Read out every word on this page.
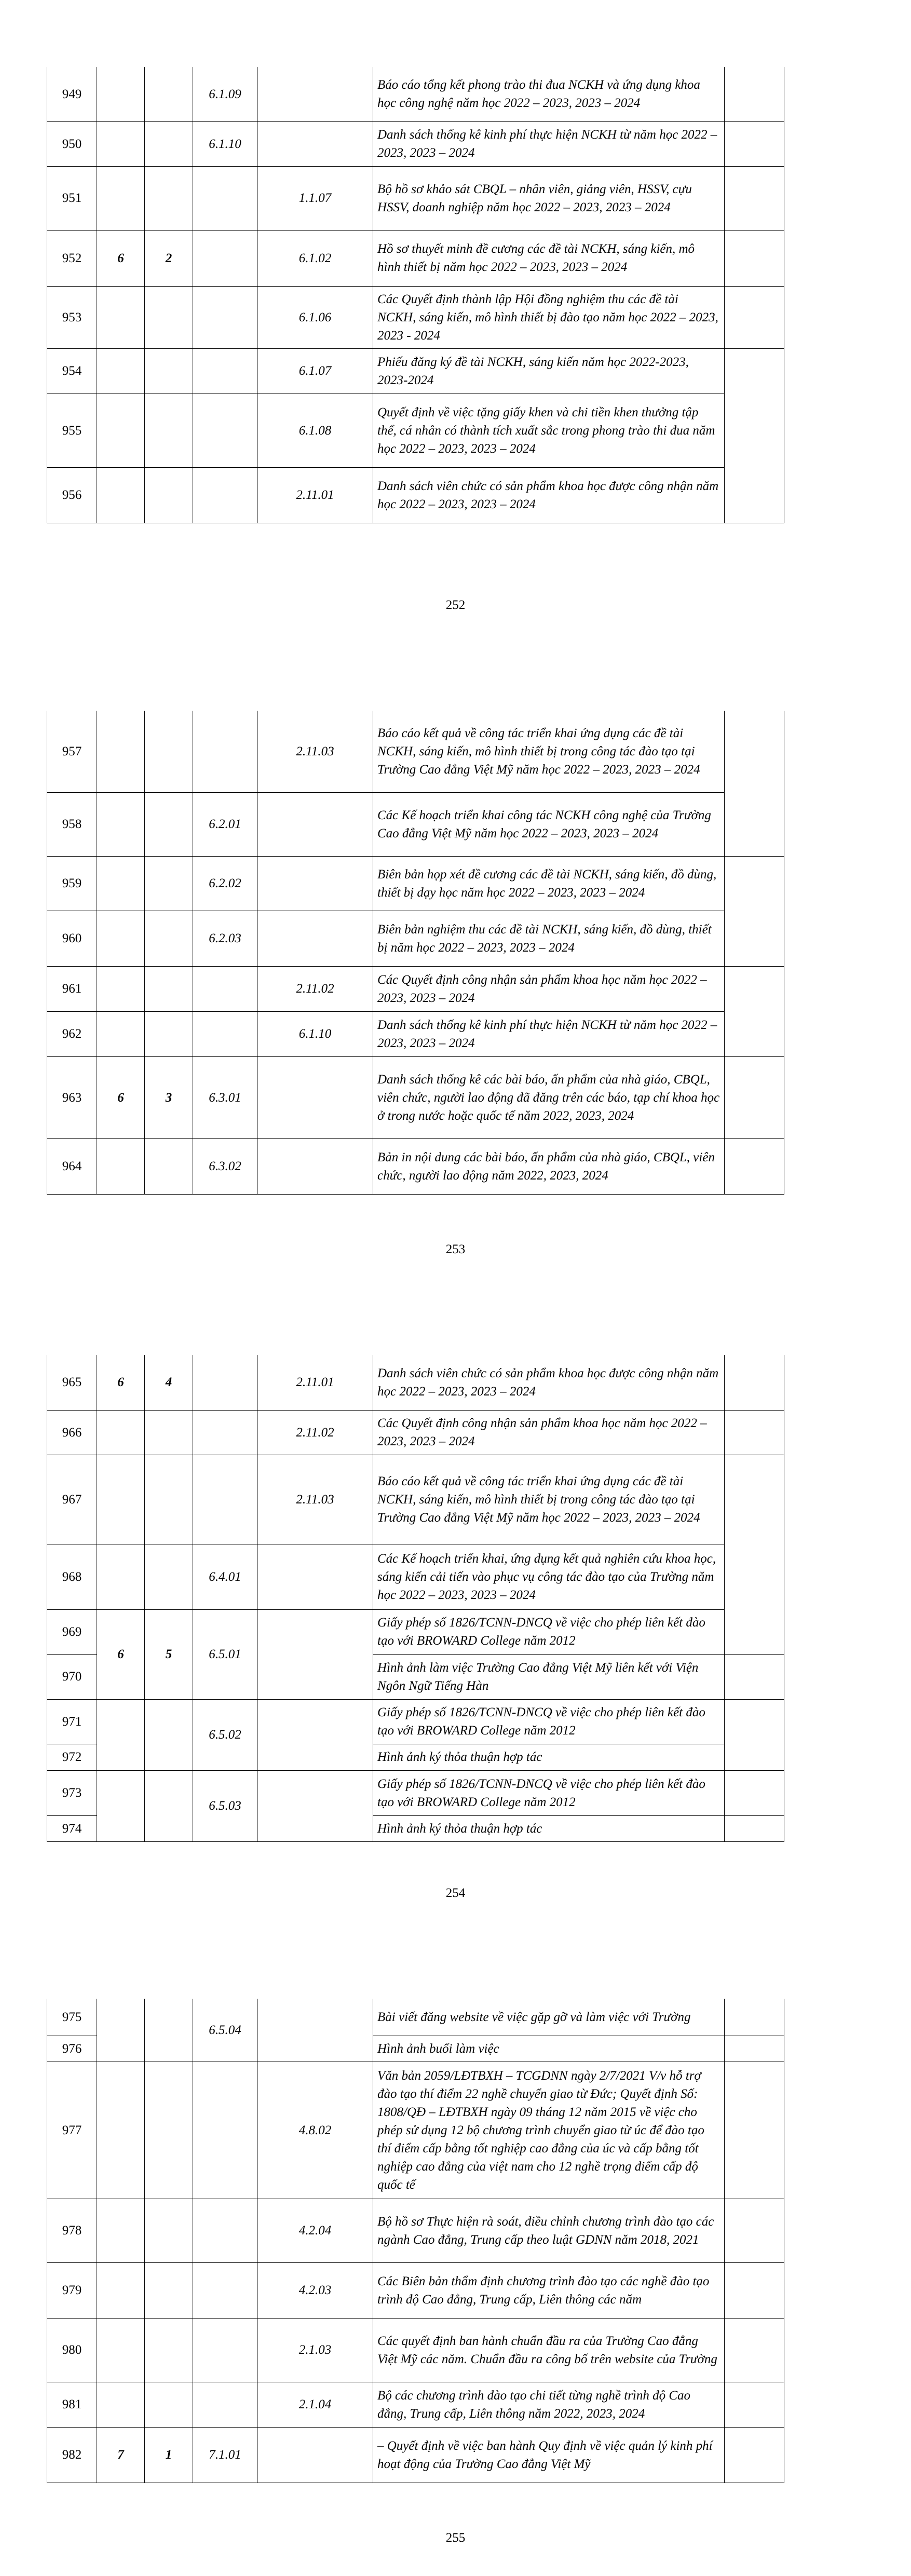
949			6.1.09		Báo cáo tổng kết phong trào thi đua NCKH và ứng dụng khoa học công nghệ năm học 2022 – 2023, 2023 – 2024	
950			6.1.10		Danh sách thống kê kinh phí thực hiện NCKH từ năm học 2022 – 2023, 2023 – 2024	
951				1.1.07	Bộ hồ sơ khảo sát CBQL – nhân viên, giảng viên, HSSV, cựu HSSV, doanh nghiệp năm học 2022 – 2023, 2023 – 2024	
952	6	2		6.1.02	Hồ sơ thuyết minh đề cương các đề tài NCKH, sáng kiến, mô hình thiết bị năm học 2022 – 2023, 2023 – 2024	
953				6.1.06	Các Quyết định thành lập Hội đồng nghiệm thu các đề tài NCKH, sáng kiến, mô hình thiết bị đào tạo năm học 2022 – 2023, 2023 - 2024	
954				6.1.07	Phiếu đăng ký đề tài NCKH, sáng kiến năm học 2022-2023, 2023-2024	
955				6.1.08	Quyết định về việc tặng giấy khen và chi tiền khen thưởng tập thể, cá nhân có thành tích xuất sắc trong phong trào thi đua năm học 2022 – 2023, 2023 – 2024	
956				2.11.01	Danh sách viên chức có sản phẩm khoa học được công nhận năm học 2022 – 2023, 2023 – 2024	
252
957				2.11.03	Báo cáo kết quả về công tác triển khai ứng dụng các đề tài NCKH, sáng kiến, mô hình thiết bị trong công tác đào tạo tại Trường Cao đẳng Việt Mỹ năm học 2022 – 2023, 2023 – 2024	
958			6.2.01		Các Kế hoạch triển khai công tác NCKH công nghệ của Trường Cao đẳng Việt Mỹ năm học 2022 – 2023, 2023 – 2024	
959			6.2.02		Biên bản họp xét đề cương các đề tài NCKH, sáng kiến, đồ dùng, thiết bị dạy học năm học 2022 – 2023, 2023 – 2024	
960			6.2.03		Biên bản nghiệm thu các đề tài NCKH, sáng kiến, đồ dùng, thiết bị năm học 2022 – 2023, 2023 – 2024	
961				2.11.02	Các Quyết định công nhận sản phẩm khoa học năm học 2022 – 2023, 2023 – 2024	
962				6.1.10	Danh sách thống kê kinh phí thực hiện NCKH từ năm học 2022 – 2023, 2023 – 2024	
963	6	3	6.3.01		Danh sách thống kê các bài báo, ấn phẩm của nhà giáo, CBQL, viên chức, người lao động đã đăng trên các báo, tạp chí khoa học ở trong nước hoặc quốc tế năm 2022, 2023, 2024	
964			6.3.02		Bản in nội dung các bài báo, ấn phẩm của nhà giáo, CBQL, viên chức, người lao động năm 2022, 2023, 2024	
253
965	6	4		2.11.01	Danh sách viên chức có sản phẩm khoa học được công nhận năm học 2022 – 2023, 2023 – 2024	
966				2.11.02	Các Quyết định công nhận sản phẩm khoa học năm học 2022 – 2023, 2023 – 2024	
967				2.11.03	Báo cáo kết quả về công tác triển khai ứng dụng các đề tài NCKH, sáng kiến, mô hình thiết bị trong công tác đào tạo tại Trường Cao đẳng Việt Mỹ năm học 2022 – 2023, 2023 – 2024	
968			6.4.01		Các Kế hoạch triển khai, ứng dụng kết quả nghiên cứu khoa học, sáng kiến cải tiến vào phục vụ công tác đào tạo của Trường năm học 2022 – 2023, 2023 – 2024	
969	6	5	6.5.01		Giấy phép số 1826/TCNN-DNCQ về việc cho phép liên kết đào tạo với BROWARD College năm 2012	
970					Hình ảnh làm việc Trường Cao đẳng Việt Mỹ liên kết với Viện Ngôn Ngữ Tiếng Hàn	
971			6.5.02		Giấy phép số 1826/TCNN-DNCQ về việc cho phép liên kết đào tạo với BROWARD College năm 2012	
972					Hình ảnh ký thỏa thuận hợp tác	
973			6.5.03		Giấy phép số 1826/TCNN-DNCQ về việc cho phép liên kết đào tạo với BROWARD College năm 2012	
974					Hình ảnh ký thỏa thuận hợp tác	
254
975			6.5.04		Bài viết đăng website về việc gặp gỡ và làm việc với Trường	
976					Hình ảnh buổi làm việc	
977				4.8.02	Văn bản 2059/LĐTBXH – TCGDNN ngày 2/7/2021 V/v hỗ trợ đào tạo thí điểm 22 nghề chuyển giao từ Đức; Quyết định Số: 1808/QĐ – LĐTBXH ngày 09 tháng 12 năm 2015 về việc cho phép sử dụng 12 bộ chương trình chuyển giao từ úc để đào tạo thí điểm cấp bằng tốt nghiệp cao đẳng của úc và cấp bằng tốt nghiệp cao đẳng của việt nam cho 12 nghề trọng điểm cấp độ quốc tế	
978				4.2.04	Bộ hồ sơ Thực hiện rà soát, điều chỉnh chương trình đào tạo các ngành Cao đẳng, Trung cấp theo luật GDNN năm 2018, 2021	
979				4.2.03	Các Biên bản thẩm định chương trình đào tạo các nghề đào tạo trình độ Cao đẳng, Trung cấp, Liên thông các năm	
980				2.1.03	Các quyết định ban hành chuẩn đầu ra của Trường Cao đẳng Việt Mỹ các năm. Chuẩn đầu ra công bố trên website của Trường	
981				2.1.04	Bộ các chương trình đào tạo chi tiết từng nghề trình độ Cao đẳng, Trung cấp, Liên thông năm 2022, 2023, 2024	
982	7	1	7.1.01		– Quyết định về việc ban hành Quy định về việc quản lý kinh phí hoạt động của Trường Cao đẳng Việt Mỹ	
255
